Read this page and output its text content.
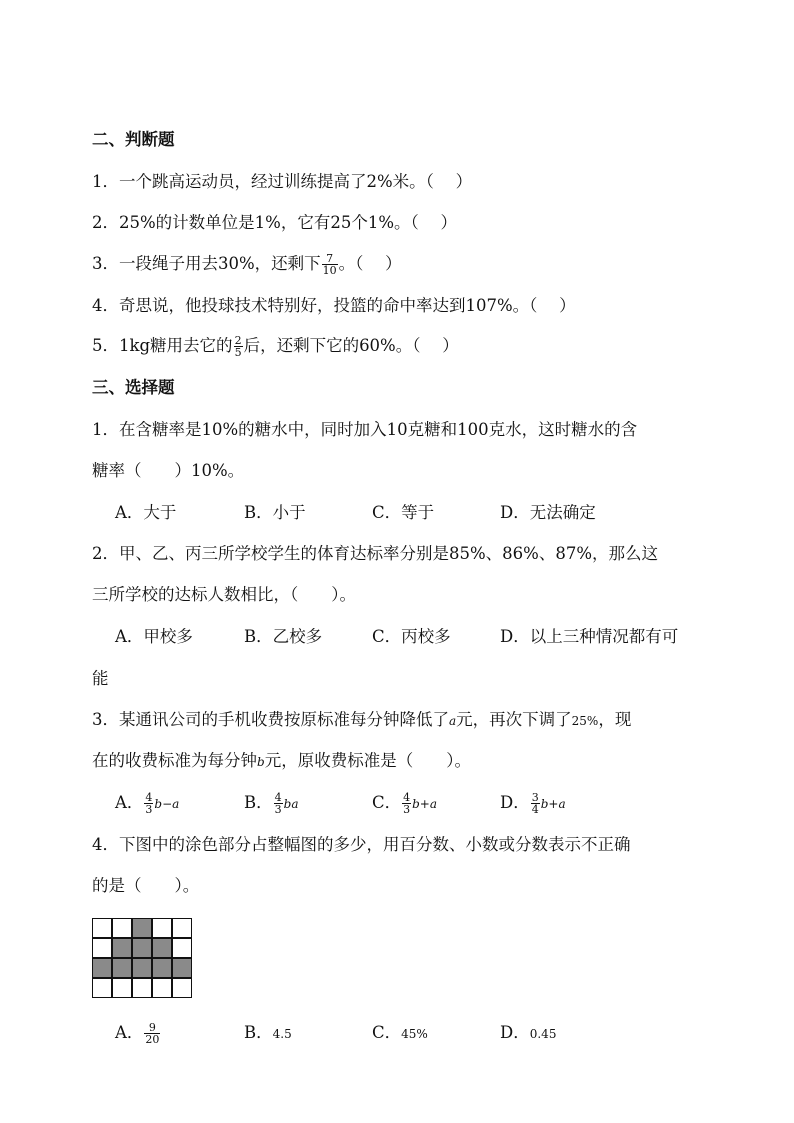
二、判断题
1．一个跳高运动员，经过训练提高了2%米。（　 ）
2．25%的计数单位是1%，它有25个1%。（　 ）
3．一段绳子用去30%，还剩下 $\frac{7}{10}$ 。（　 ）
4．奇思说，他投球技术特别好，投篮的命中率达到107%。（　 ）
5．1kg糖用去它的 $\frac{2}{5}$ 后，还剩下它的60%。（　 ）
三、选择题
1．在含糖率是10%的糖水中，同时加入10克糖和100克水，这时糖水的含
糖率（　　）10%。
A．大于	B．小于	C．等于	D．无法确定
2．甲、乙、丙三所学校学生的体育达标率分别是85%、86%、87%，那么这
三所学校的达标人数相比，（　　）。
A．甲校多	B．乙校多	C．丙校多	D．以上三种情况都有可
能
3．某通讯公司的手机收费按原标准每分钟降低了a元，再次下调了25%，现
在的收费标准为每分钟b元，原收费标准是（　　）。
A． $\frac{4}{3} b-a$	B． $\frac{4}{3}$ ba	C． $\frac{4}{3} b+a$	D． $\frac{3}{4} b+a$
4．下图中的涂色部分占整幅图的多少，用百分数、小数或分数表示不正确
的是（　　）。
A． $\frac{9}{20}$	B．4.5	C．45%	D．0.45
